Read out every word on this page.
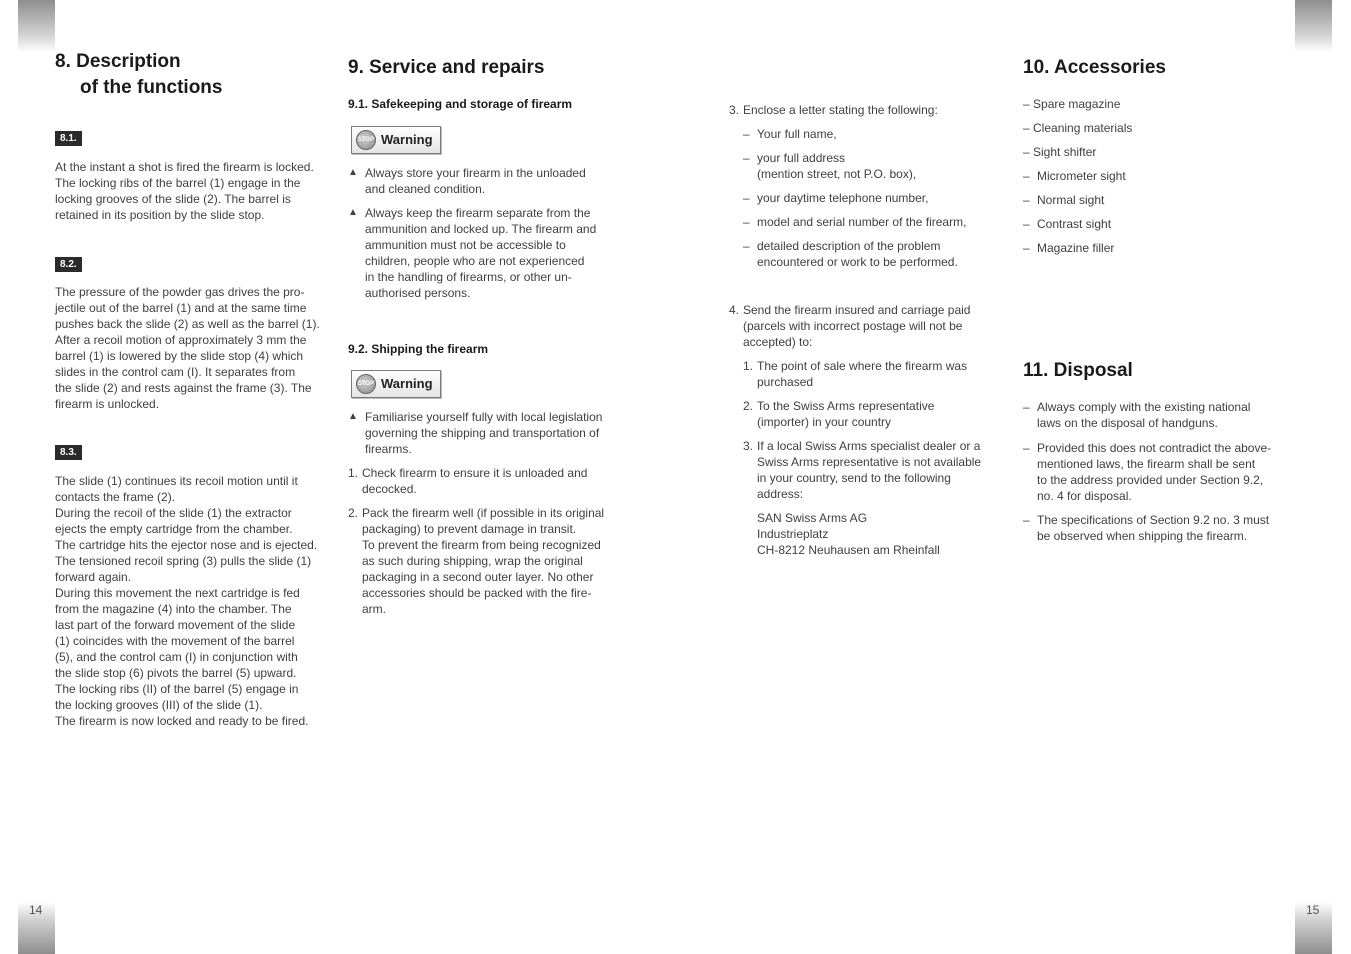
14	15
8. Description
of the functions
8.1.

At the instant a shot is fired the firearm is locked.
The locking ribs of the barrel (1) engage in the
locking grooves of the slide (2). The barrel is
retained in its position by the slide stop.

8.2.

The pressure of the powder gas drives the pro-
jectile out of the barrel (1) and at the same time
pushes back the slide (2) as well as the barrel (1).
After a recoil motion of approximately 3 mm the
barrel (1) is lowered by the slide stop (4) which
slides in the control cam (I). It separates from
the slide (2) and rests against the frame (3). The
firearm is unlocked.

8.3.

The slide (1) continues its recoil motion until it
contacts the frame (2).
During the recoil of the slide (1) the extractor
ejects the empty cartridge from the chamber.
The cartridge hits the ejector nose and is ejected.
The tensioned recoil spring (3) pulls the slide (1)
forward again.
During this movement the next cartridge is fed
from the magazine (4) into the chamber. The
last part of the forward movement of the slide
(1) coincides with the movement of the barrel
(5), and the control cam (I) in conjunction with
the slide stop (6) pivots the barrel (5) upward.
The locking ribs (II) of the barrel (5) engage in
the locking grooves (III) of the slide (1).
The firearm is now locked and ready to be fired.

9. Service and repairs
9.1. Safekeeping and storage of firearm
STOP Warning
▲ Always store your firearm in the unloaded
and cleaned condition.
▲ Always keep the firearm separate from the
ammunition and locked up. The firearm and
ammunition must not be accessible to
children, people who are not experienced
in the handling of firearms, or other un-
authorised persons.
9.2. Shipping the firearm
STOP Warning
▲ Familiarise yourself fully with local legislation
governing the shipping and transportation of
firearms.
1. Check firearm to ensure it is unloaded and
decocked.
2. Pack the firearm well (if possible in its original
packaging) to prevent damage in transit.
To prevent the firearm from being recognized
as such during shipping, wrap the original
packaging in a second outer layer. No other
accessories should be packed with the fire-
arm.
3. Enclose a letter stating the following:
– Your full name,
– your full address
(mention street, not P.O. box),
– your daytime telephone number,
– model and serial number of the firearm,
– detailed description of the problem
encountered or work to be performed.
4. Send the firearm insured and carriage paid
(parcels with incorrect postage will not be
accepted) to:
1. The point of sale where the firearm was
purchased
2. To the Swiss Arms representative
(importer) in your country
3. If a local Swiss Arms specialist dealer or a
Swiss Arms representative is not available
in your country, send to the following
address:

SAN Swiss Arms AG
Industrieplatz
CH-8212 Neuhausen am Rheinfall

10. Accessories
– Spare magazine
– Cleaning materials
– Sight shifter
– Micrometer sight
– Normal sight
– Contrast sight
– Magazine filler
11. Disposal
– Always comply with the existing national
laws on the disposal of handguns.
– Provided this does not contradict the above-
mentioned laws, the firearm shall be sent
to the address provided under Section 9.2,
no. 4 for disposal.
– The specifications of Section 9.2 no. 3 must
be observed when shipping the firearm.
